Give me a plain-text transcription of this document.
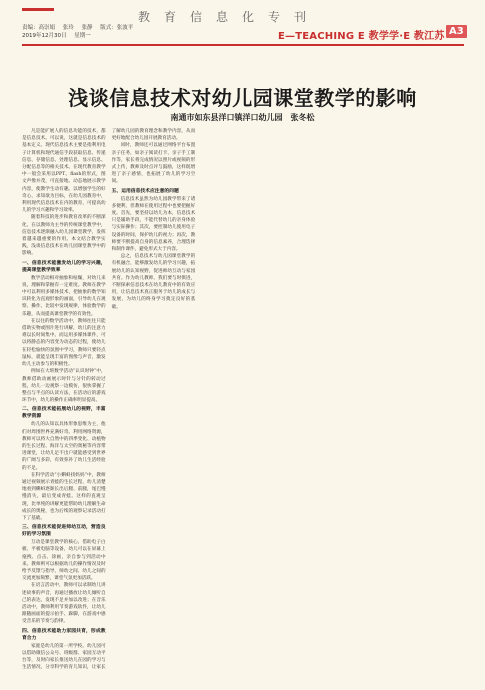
教育信息化专刊
责编：高崇娟 张玲 张静 版式：张波平
2019年12月30日 星期一	E—TEACHING E 教学学·E 教江苏 A3
浅谈信息技术对幼儿园课堂教学的影响
南通市如东县洋口镇洋口幼儿园　张冬松

凡是能扩展人的信息功能的技术，都是信息技术。可以说，这就是信息技术的基本定义。现代信息技术主要是指利用电子计算机和现代通信手段获取信息、传递信息、存储信息、处理信息、显示信息、分配信息等的相关技术。在现代教育教学中一般会采用以PPT、flash的形式，图文声像并茂，可直接地、动态地展示教学内容，使教学生动有趣。以增强学生的好奇心、求知欲为目标，在幼儿园教育中，利用现代信息技术在内的教育，可提高幼儿的学习兴趣和学习效率。

随着科技的进步和教育改革的不断深化，在以教师为主导的传统课堂教学中，信息技术逐渐融入幼儿园课堂教学，发挥着越来越重要的作用。本文结合教学实践，浅谈信息技术在幼儿园课堂教学中的影响。

一、信息技术能激发幼儿的学习兴趣，提高课堂教学效率

数学活动相对抽象和枯燥，对幼儿来说，理解和掌握有一定难度。教师在教学中可以利用多媒体技术，把抽象的数学知识转化为直观形象的画面，引导幼儿在观察、操作、比较中发现规律，体验数学的乐趣，从而提高课堂教学的有效性。

在以往的数学活动中，教师往往只能借助实物或图片进行讲解，幼儿的注意力难以长时间集中。而运用多媒体课件，可以将静态的内容变为动态的过程，使幼儿在轻松愉快的氛围中学习，教师只要轻点鼠标，就能呈现丰富的图像与声音，激发幼儿主动参与的积极性。

例如在大班数学活动“认识时钟”中，教师借助动画展示时针与分针的转动过程，幼儿一边观察一边模仿，很快掌握了整点与半点的认读方法，在活动后的游戏环节中，幼儿的操作正确率明显提高。

二、信息技术能拓展幼儿的视野，丰富教学资源

幼儿的认知以具体形象思维为主，他们对周围世界充满好奇。利用网络资源，教师可以将大自然中的四季变化、动植物的生长过程、海洋与太空的奥秘等内容带进课堂，让幼儿足不出户就能感受到世界的广阔与多彩，有效弥补了幼儿生活经验的不足。

在科学活动“小蝌蚪找妈妈”中，教师通过视频展示青蛙的生长过程，幼儿清楚地看到蝌蚪逐渐长出后腿、前腿，尾巴慢慢消失，最后变成青蛙。这样的直观呈现，比单纯的讲解更能帮助幼儿理解生命成长的奥秘，也为后续的观察记录活动打下了基础。

三、信息技术能促进师幼互动，营造良好的学习氛围

互动是课堂教学的核心。借助电子白板、平板电脑等设备，幼儿可以在屏幕上拖拽、点击、涂画，亲自参与到活动中来。教师则可以根据幼儿的操作情况及时给予反馈与指导，师幼之间、幼儿之间的交流更加频繁，课堂气氛更加活跃。

在语言活动中，教师可以录制幼儿讲述故事的声音，再通过播放让幼儿倾听自己的表达，发现不足并加以改进；在音乐活动中，教师利用节奏游戏软件，让幼儿跟随画面的提示拍手、跺脚，在游戏中感受音乐的节奏与韵律。

四、信息技术能助力家园共育，形成教育合力

家庭是幼儿的第一所学校。幼儿园可以借助微信公众号、班级群、家园互动平台等，及时向家长推送幼儿在园的学习与生活情况，分享科学的育儿知识，让家长了解幼儿园的教育理念和教学内容，从而更好地配合幼儿园开展教育活动。

同时，教师还可以通过网络平台布置亲子任务，如亲子阅读打卡、亲子手工制作等，家长将完成情况以照片或视频的形式上传，教师及时点评与鼓励，这样既增进了亲子感情，也拓展了幼儿的学习空间。

五、运用信息技术应注意的问题

信息技术虽然为幼儿园教学带来了诸多便利，但教师在使用过程中也要把握好度。首先，要坚持以幼儿为本，信息技术只是辅助手段，不能代替幼儿的亲身体验与实际操作；其次，要控制幼儿使用电子设备的时间，保护幼儿的视力；再次，教师要不断提高自身的信息素养，合理选择和制作课件，避免形式大于内容。

总之，信息技术与幼儿园课堂教学的有机融合，能够激发幼儿的学习兴趣，拓展幼儿的认知视野，促进师幼互动与家园共育。作为幼儿教师，我们要与时俱进，不断探索信息技术在幼儿教育中的有效应用，让信息技术真正服务于幼儿的成长与发展，为幼儿的终身学习奠定良好的基础。
